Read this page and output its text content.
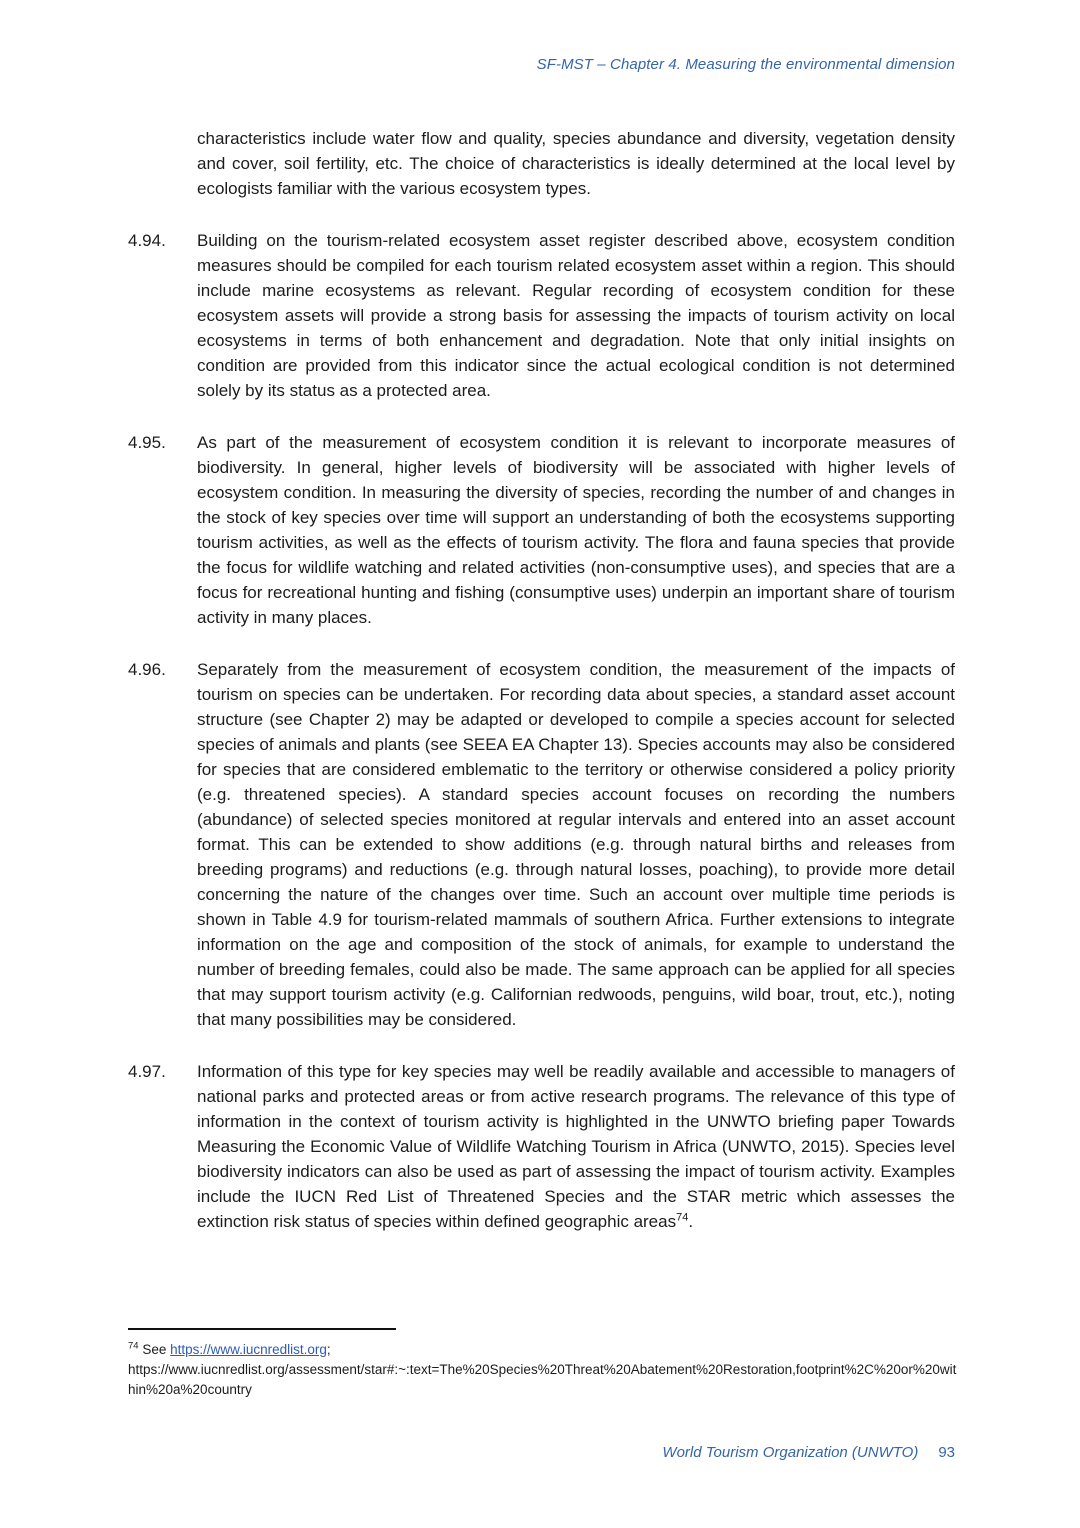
SF-MST – Chapter 4. Measuring the environmental dimension
characteristics include water flow and quality, species abundance and diversity, vegetation density and cover, soil fertility, etc. The choice of characteristics is ideally determined at the local level by ecologists familiar with the various ecosystem types.
4.94.	Building on the tourism-related ecosystem asset register described above, ecosystem condition measures should be compiled for each tourism related ecosystem asset within a region. This should include marine ecosystems as relevant. Regular recording of ecosystem condition for these ecosystem assets will provide a strong basis for assessing the impacts of tourism activity on local ecosystems in terms of both enhancement and degradation. Note that only initial insights on condition are provided from this indicator since the actual ecological condition is not determined solely by its status as a protected area.
4.95.	As part of the measurement of ecosystem condition it is relevant to incorporate measures of biodiversity. In general, higher levels of biodiversity will be associated with higher levels of ecosystem condition. In measuring the diversity of species, recording the number of and changes in the stock of key species over time will support an understanding of both the ecosystems supporting tourism activities, as well as the effects of tourism activity. The flora and fauna species that provide the focus for wildlife watching and related activities (non-consumptive uses), and species that are a focus for recreational hunting and fishing (consumptive uses) underpin an important share of tourism activity in many places.
4.96.	Separately from the measurement of ecosystem condition, the measurement of the impacts of tourism on species can be undertaken. For recording data about species, a standard asset account structure (see Chapter 2) may be adapted or developed to compile a species account for selected species of animals and plants (see SEEA EA Chapter 13). Species accounts may also be considered for species that are considered emblematic to the territory or otherwise considered a policy priority (e.g. threatened species). A standard species account focuses on recording the numbers (abundance) of selected species monitored at regular intervals and entered into an asset account format. This can be extended to show additions (e.g. through natural births and releases from breeding programs) and reductions (e.g. through natural losses, poaching), to provide more detail concerning the nature of the changes over time. Such an account over multiple time periods is shown in Table 4.9 for tourism-related mammals of southern Africa. Further extensions to integrate information on the age and composition of the stock of animals, for example to understand the number of breeding females, could also be made. The same approach can be applied for all species that may support tourism activity (e.g. Californian redwoods, penguins, wild boar, trout, etc.), noting that many possibilities may be considered.
4.97.	Information of this type for key species may well be readily available and accessible to managers of national parks and protected areas or from active research programs. The relevance of this type of information in the context of tourism activity is highlighted in the UNWTO briefing paper Towards Measuring the Economic Value of Wildlife Watching Tourism in Africa (UNWTO, 2015). Species level biodiversity indicators can also be used as part of assessing the impact of tourism activity. Examples include the IUCN Red List of Threatened Species and the STAR metric which assesses the extinction risk status of species within defined geographic areas$^{74}$.
$^{74}$ See https://www.iucnredlist.org;
https://www.iucnredlist.org/assessment/star#:~:text=The%20Species%20Threat%20Abatement%20Restoration,footprint%2C%20or%20within%20a%20country
World Tourism Organization (UNWTO) 93
